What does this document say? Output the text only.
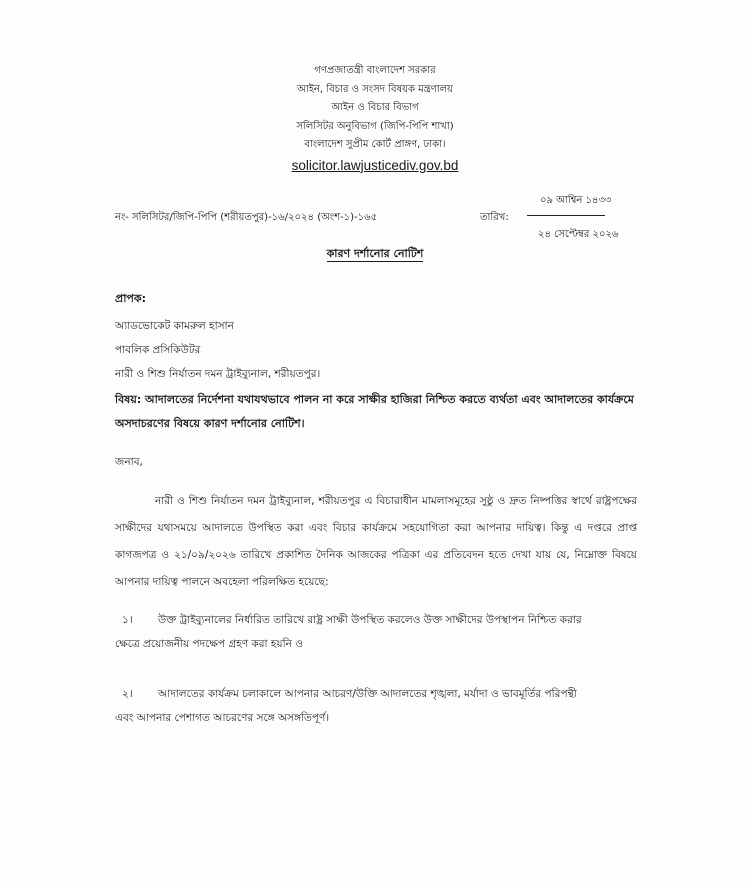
গণপ্রজাতন্ত্রী বাংলাদেশ সরকার
আইন, বিচার ও সংসদ বিষয়ক মন্ত্রণালয়
আইন ও বিচার বিভাগ
সলিসিটর অনুবিভাগ (জিপি-পিপি শাখা)
বাংলাদেশ সুপ্রীম কোর্ট প্রাঙ্গণ, ঢাকা।
solicitor.lawjusticediv.gov.bd
নং- সলিসিটর/জিপি-পিপি (শরীয়তপুর)-১৬/২০২৪ (অংশ-১)-১৬৫	তারিখ:
০৯ আশ্বিন ১৪৩৩
২৪ সেপ্টেম্বর ২০২৬
কারণ দর্শানোর নোটিশ
প্রাপক:
অ্যাডভোকেট কামরুল হাসান
পাবলিক প্রসিকিউটর
নারী ও শিশু নির্যাতন দমন ট্রাইব্যুনাল, শরীয়তপুর।
বিষয়: আদালতের নির্দেশনা যথাযথভাবে পালন না করে সাক্ষীর হাজিরা নিশ্চিত করতে ব্যর্থতা এবং আদালতের কার্যক্রমে অসদাচরণের বিষয়ে কারণ দর্শানোর নোটিশ।
জনাব,
নারী ও শিশু নির্যাতন দমন ট্রাইব্যুনাল, শরীয়তপুর এ বিচারাধীন মামলাসমূহের সুষ্ঠু ও দ্রুত নিষ্পত্তির স্বার্থে রাষ্ট্রপক্ষের সাক্ষীদের যথাসময়ে আদালতে উপস্থিত করা এবং বিচার কার্যক্রমে সহযোগিতা করা আপনার দায়িত্ব। কিন্তু এ দপ্তরে প্রাপ্ত কাগজপত্র ও ২১/০৯/২০২৬ তারিখে প্রকাশিত দৈনিক আজকের পত্রিকা এর প্রতিবেদন হতে দেখা যায় যে, নিম্নোক্ত বিষয়ে আপনার দায়িত্ব পালনে অবহেলা পরিলক্ষিত হয়েছে:
১।	উক্ত ট্রাইব্যুনালের নির্ধারিত তারিখে রাষ্ট্র সাক্ষী উপস্থিত করলেও উক্ত সাক্ষীদের উপস্থাপন নিশ্চিত করার
ক্ষেত্রে প্রয়োজনীয় পদক্ষেপ গ্রহণ করা হয়নি ও
২।	আদালতের কার্যক্রম চলাকালে আপনার আচরণ/উক্তি আদালতের শৃঙ্খলা, মর্যাদা ও ভাবমূর্তির পরিপন্থী
এবং আপনার পেশাগত আচরণের সঙ্গে অসঙ্গতিপূর্ণ।
